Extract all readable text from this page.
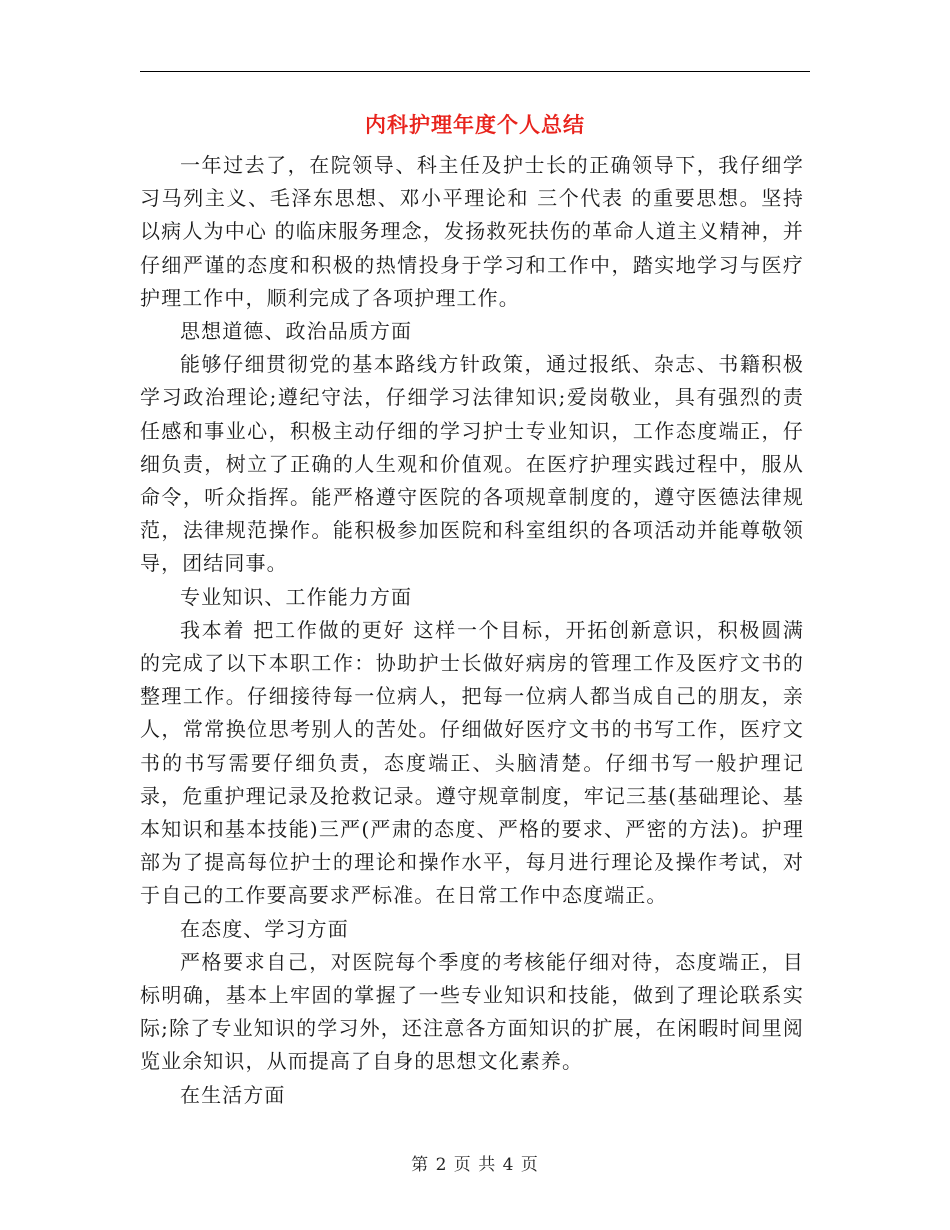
内科护理年度个人总结

一年过去了，在院领导、科主任及护士长的正确领导下，我仔细学习马列主义、毛泽东思想、邓小平理论和 三个代表 的重要思想。坚持 以病人为中心 的临床服务理念，发扬救死扶伤的革命人道主义精神，并仔细严谨的态度和积极的热情投身于学习和工作中，踏实地学习与医疗护理工作中，顺利完成了各项护理工作。

思想道德、政治品质方面

能够仔细贯彻党的基本路线方针政策，通过报纸、杂志、书籍积极学习政治理论;遵纪守法，仔细学习法律知识;爱岗敬业，具有强烈的责任感和事业心，积极主动仔细的学习护士专业知识，工作态度端正，仔细负责，树立了正确的人生观和价值观。在医疗护理实践过程中，服从命令，听众指挥。能严格遵守医院的各项规章制度的，遵守医德法律规范，法律规范操作。能积极参加医院和科室组织的各项活动并能尊敬领导，团结同事。

专业知识、工作能力方面

我本着 把工作做的更好 这样一个目标，开拓创新意识，积极圆满的完成了以下本职工作：协助护士长做好病房的管理工作及医疗文书的整理工作。仔细接待每一位病人，把每一位病人都当成自己的朋友，亲人，常常换位思考别人的苦处。仔细做好医疗文书的书写工作，医疗文书的书写需要仔细负责，态度端正、头脑清楚。仔细书写一般护理记录，危重护理记录及抢救记录。遵守规章制度，牢记三基(基础理论、基本知识和基本技能)三严(严肃的态度、严格的要求、严密的方法)。护理部为了提高每位护士的理论和操作水平，每月进行理论及操作考试，对于自己的工作要高要求严标准。在日常工作中态度端正。

在态度、学习方面

严格要求自己，对医院每个季度的考核能仔细对待，态度端正，目标明确，基本上牢固的掌握了一些专业知识和技能，做到了理论联系实际;除了专业知识的学习外，还注意各方面知识的扩展，在闲暇时间里阅览业余知识，从而提高了自身的思想文化素养。

在生活方面

第 2 页 共 4 页
